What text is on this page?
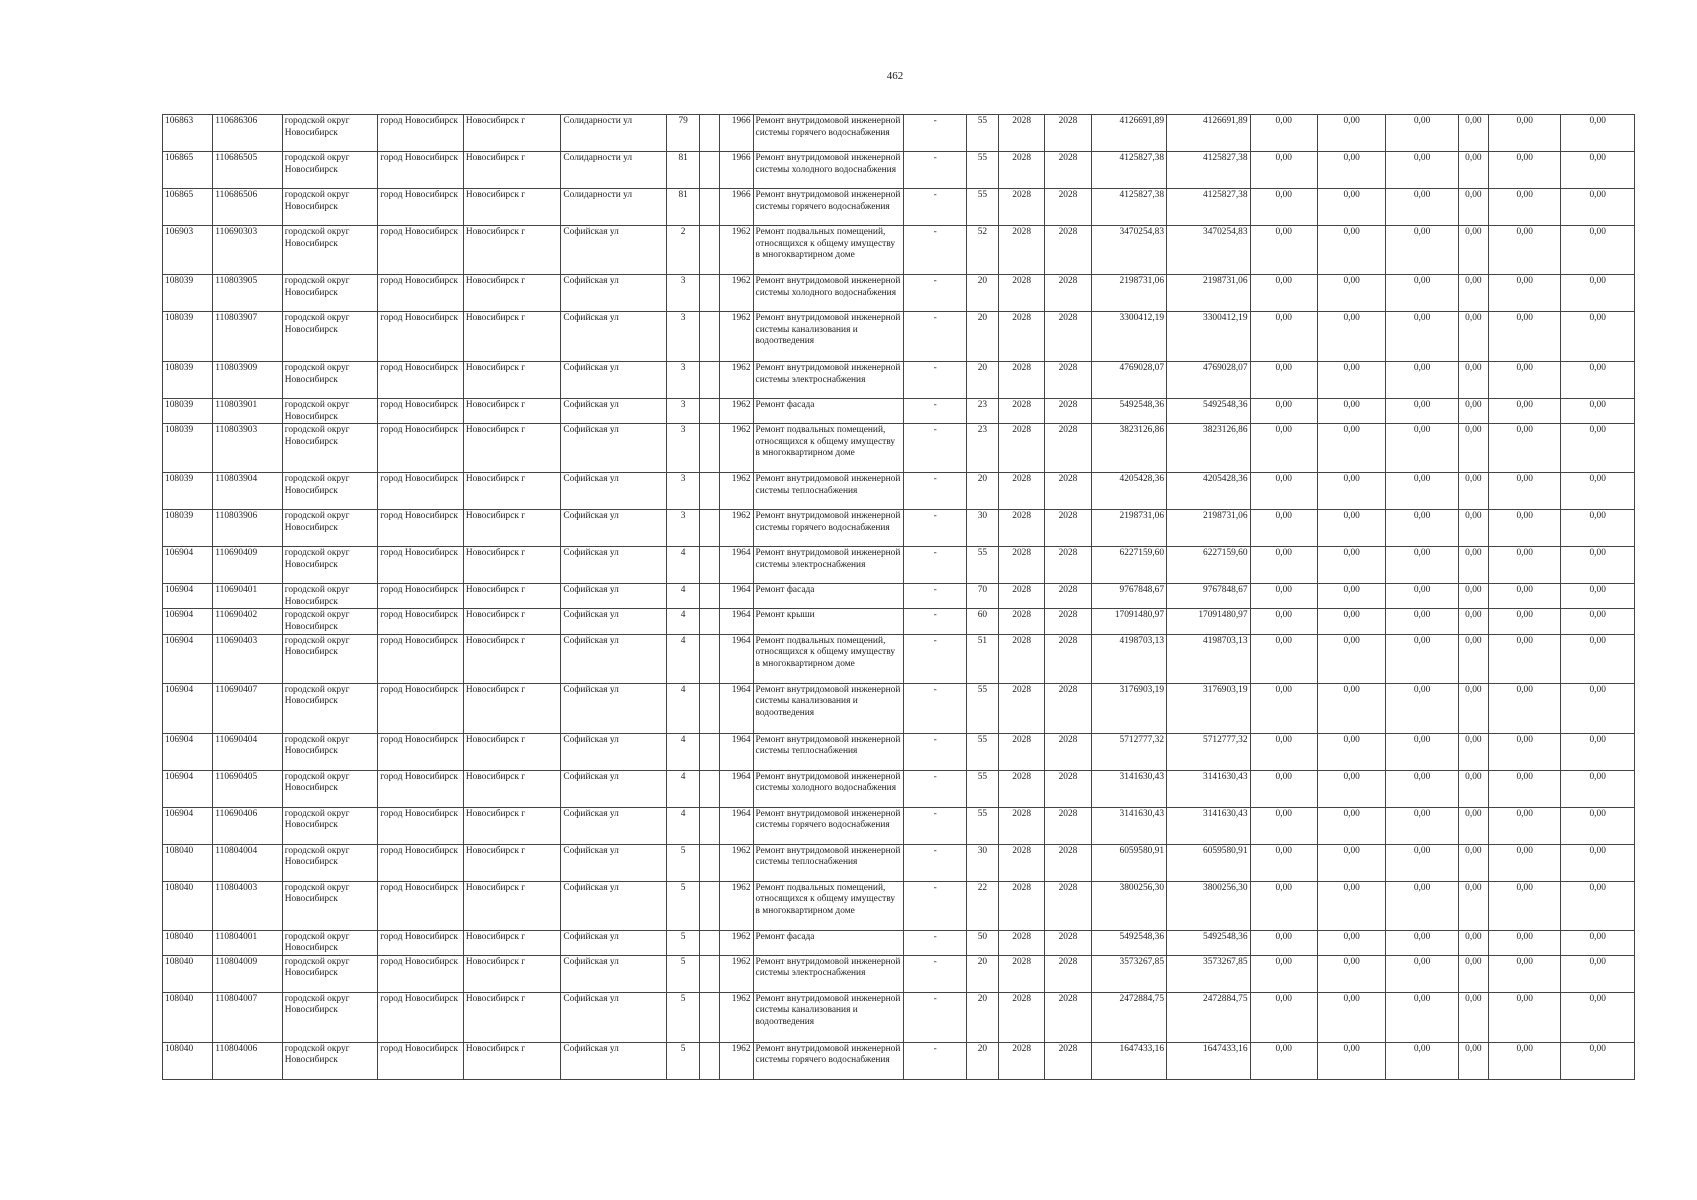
462
106863	110686306	городской округ Новосибирск	город Новосибирск	Новосибирск г	Солидарности ул	79		1966	Ремонт внутридомовой инженерной системы горячего водоснабжения	-	55	2028	2028	4126691,89	4126691,89	0,00	0,00	0,00	0,00	0,00	0,00
106865	110686505	городской округ Новосибирск	город Новосибирск	Новосибирск г	Солидарности ул	81		1966	Ремонт внутридомовой инженерной системы холодного водоснабжения	-	55	2028	2028	4125827,38	4125827,38	0,00	0,00	0,00	0,00	0,00	0,00
106865	110686506	городской округ Новосибирск	город Новосибирск	Новосибирск г	Солидарности ул	81		1966	Ремонт внутридомовой инженерной системы горячего водоснабжения	-	55	2028	2028	4125827,38	4125827,38	0,00	0,00	0,00	0,00	0,00	0,00
106903	110690303	городской округ Новосибирск	город Новосибирск	Новосибирск г	Софийская ул	2		1962	Ремонт подвальных помещений, относящихся к общему имуществу в многоквартирном доме	-	52	2028	2028	3470254,83	3470254,83	0,00	0,00	0,00	0,00	0,00	0,00
108039	110803905	городской округ Новосибирск	город Новосибирск	Новосибирск г	Софийская ул	3		1962	Ремонт внутридомовой инженерной системы холодного водоснабжения	-	20	2028	2028	2198731,06	2198731,06	0,00	0,00	0,00	0,00	0,00	0,00
108039	110803907	городской округ Новосибирск	город Новосибирск	Новосибирск г	Софийская ул	3		1962	Ремонт внутридомовой инженерной системы канализования и водоотведения	-	20	2028	2028	3300412,19	3300412,19	0,00	0,00	0,00	0,00	0,00	0,00
108039	110803909	городской округ Новосибирск	город Новосибирск	Новосибирск г	Софийская ул	3		1962	Ремонт внутридомовой инженерной системы электроснабжения	-	20	2028	2028	4769028,07	4769028,07	0,00	0,00	0,00	0,00	0,00	0,00
108039	110803901	городской округ Новосибирск	город Новосибирск	Новосибирск г	Софийская ул	3		1962	Ремонт фасада	-	23	2028	2028	5492548,36	5492548,36	0,00	0,00	0,00	0,00	0,00	0,00
108039	110803903	городской округ Новосибирск	город Новосибирск	Новосибирск г	Софийская ул	3		1962	Ремонт подвальных помещений, относящихся к общему имуществу в многоквартирном доме	-	23	2028	2028	3823126,86	3823126,86	0,00	0,00	0,00	0,00	0,00	0,00
108039	110803904	городской округ Новосибирск	город Новосибирск	Новосибирск г	Софийская ул	3		1962	Ремонт внутридомовой инженерной системы теплоснабжения	-	20	2028	2028	4205428,36	4205428,36	0,00	0,00	0,00	0,00	0,00	0,00
108039	110803906	городской округ Новосибирск	город Новосибирск	Новосибирск г	Софийская ул	3		1962	Ремонт внутридомовой инженерной системы горячего водоснабжения	-	30	2028	2028	2198731,06	2198731,06	0,00	0,00	0,00	0,00	0,00	0,00
106904	110690409	городской округ Новосибирск	город Новосибирск	Новосибирск г	Софийская ул	4		1964	Ремонт внутридомовой инженерной системы электроснабжения	-	55	2028	2028	6227159,60	6227159,60	0,00	0,00	0,00	0,00	0,00	0,00
106904	110690401	городской округ Новосибирск	город Новосибирск	Новосибирск г	Софийская ул	4		1964	Ремонт фасада	-	70	2028	2028	9767848,67	9767848,67	0,00	0,00	0,00	0,00	0,00	0,00
106904	110690402	городской округ Новосибирск	город Новосибирск	Новосибирск г	Софийская ул	4		1964	Ремонт крыши	-	60	2028	2028	17091480,97	17091480,97	0,00	0,00	0,00	0,00	0,00	0,00
106904	110690403	городской округ Новосибирск	город Новосибирск	Новосибирск г	Софийская ул	4		1964	Ремонт подвальных помещений, относящихся к общему имуществу в многоквартирном доме	-	51	2028	2028	4198703,13	4198703,13	0,00	0,00	0,00	0,00	0,00	0,00
106904	110690407	городской округ Новосибирск	город Новосибирск	Новосибирск г	Софийская ул	4		1964	Ремонт внутридомовой инженерной системы канализования и водоотведения	-	55	2028	2028	3176903,19	3176903,19	0,00	0,00	0,00	0,00	0,00	0,00
106904	110690404	городской округ Новосибирск	город Новосибирск	Новосибирск г	Софийская ул	4		1964	Ремонт внутридомовой инженерной системы теплоснабжения	-	55	2028	2028	5712777,32	5712777,32	0,00	0,00	0,00	0,00	0,00	0,00
106904	110690405	городской округ Новосибирск	город Новосибирск	Новосибирск г	Софийская ул	4		1964	Ремонт внутридомовой инженерной системы холодного водоснабжения	-	55	2028	2028	3141630,43	3141630,43	0,00	0,00	0,00	0,00	0,00	0,00
106904	110690406	городской округ Новосибирск	город Новосибирск	Новосибирск г	Софийская ул	4		1964	Ремонт внутридомовой инженерной системы горячего водоснабжения	-	55	2028	2028	3141630,43	3141630,43	0,00	0,00	0,00	0,00	0,00	0,00
108040	110804004	городской округ Новосибирск	город Новосибирск	Новосибирск г	Софийская ул	5		1962	Ремонт внутридомовой инженерной системы теплоснабжения	-	30	2028	2028	6059580,91	6059580,91	0,00	0,00	0,00	0,00	0,00	0,00
108040	110804003	городской округ Новосибирск	город Новосибирск	Новосибирск г	Софийская ул	5		1962	Ремонт подвальных помещений, относящихся к общему имуществу в многоквартирном доме	-	22	2028	2028	3800256,30	3800256,30	0,00	0,00	0,00	0,00	0,00	0,00
108040	110804001	городской округ Новосибирск	город Новосибирск	Новосибирск г	Софийская ул	5		1962	Ремонт фасада	-	50	2028	2028	5492548,36	5492548,36	0,00	0,00	0,00	0,00	0,00	0,00
108040	110804009	городской округ Новосибирск	город Новосибирск	Новосибирск г	Софийская ул	5		1962	Ремонт внутридомовой инженерной системы электроснабжения	-	20	2028	2028	3573267,85	3573267,85	0,00	0,00	0,00	0,00	0,00	0,00
108040	110804007	городской округ Новосибирск	город Новосибирск	Новосибирск г	Софийская ул	5		1962	Ремонт внутридомовой инженерной системы канализования и водоотведения	-	20	2028	2028	2472884,75	2472884,75	0,00	0,00	0,00	0,00	0,00	0,00
108040	110804006	городской округ Новосибирск	город Новосибирск	Новосибирск г	Софийская ул	5		1962	Ремонт внутридомовой инженерной системы горячего водоснабжения	-	20	2028	2028	1647433,16	1647433,16	0,00	0,00	0,00	0,00	0,00	0,00
